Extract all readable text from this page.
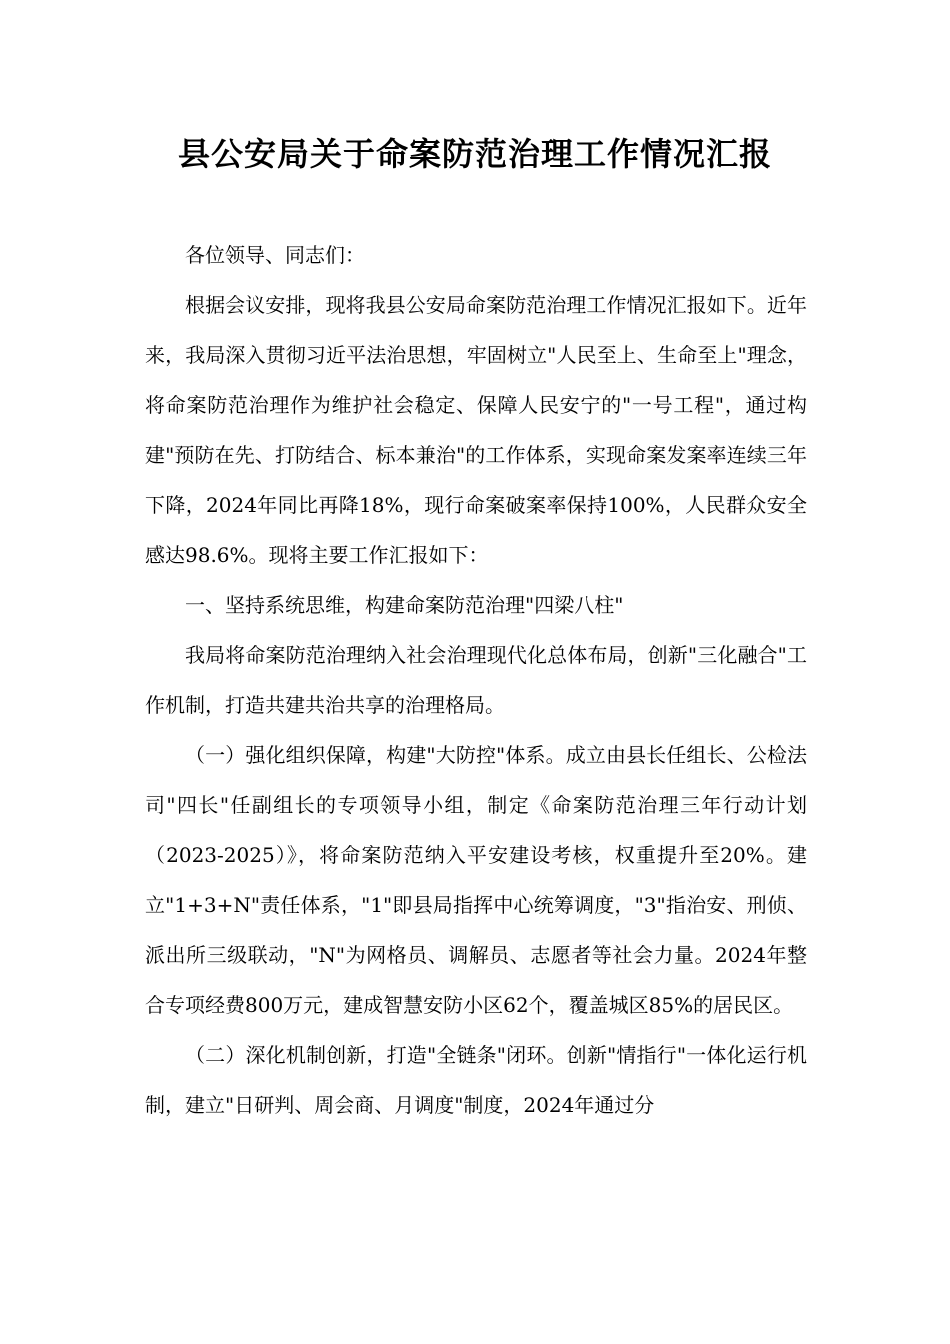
县公安局关于命案防范治理工作情况汇报

各位领导、同志们：

根据会议安排，现将我县公安局命案防范治理工作情况汇报如下。近年来，我局深入贯彻习近平法治思想，牢固树立"人民至上、生命至上"理念，将命案防范治理作为维护社会稳定、保障人民安宁的"一号工程"，通过构建"预防在先、打防结合、标本兼治"的工作体系，实现命案发案率连续三年下降，2024年同比再降18%，现行命案破案率保持100%，人民群众安全感达98.6%。现将主要工作汇报如下：

一、坚持系统思维，构建命案防范治理"四梁八柱"

我局将命案防范治理纳入社会治理现代化总体布局，创新"三化融合"工作机制，打造共建共治共享的治理格局。

（一）强化组织保障，构建"大防控"体系。成立由县长任组长、公检法司"四长"任副组长的专项领导小组，制定《命案防范治理三年行动计划（2023-2025）》，将命案防范纳入平安建设考核，权重提升至20%。建立"1+3+N"责任体系，"1"即县局指挥中心统筹调度，"3"指治安、刑侦、派出所三级联动，"N"为网格员、调解员、志愿者等社会力量。2024年整合专项经费800万元，建成智慧安防小区62个，覆盖城区85%的居民区。

（二）深化机制创新，打造"全链条"闭环。创新"情指行"一体化运行机制，建立"日研判、周会商、月调度"制度，2024年通过分
